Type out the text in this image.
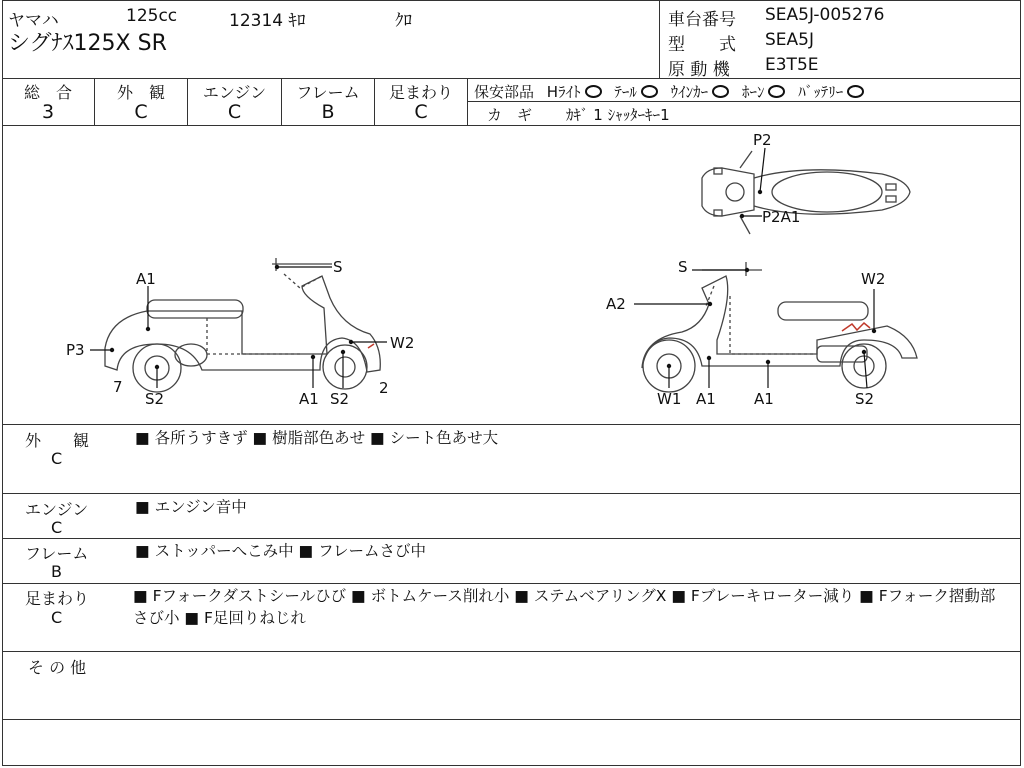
ヤマハ	125cc	12314 ｷﾛ	ｸﾛ
シグﾅｽ125X SR
車台番号 SEA5J-005276
型　　式 SEA5J
原 動 機 E3T5E
総　合
3
外　観
C
エンジン
C
フレーム
B
足まわり
C
保安部品 Hﾗｲﾄ ﾃｰﾙ ｳｲﾝｶｰ ﾎｰﾝ ﾊﾞｯﾃﾘｰ
カ　ギ ｶｷﾞ 1 ｼｬｯﾀｰｷｰ1
P2
P2A1
A1
S
W2
P3
7
S2	A1 S2
2
S
A2
W2
W1 A1	A1	S2
外　　観
C
■ 各所うすきず ■ 樹脂部色あせ ■ シート色あせ大
エンジン
C
■ エンジン音中
フレーム
B
■ ストッパーへこみ中 ■ フレームさび中
足まわり
C
■ Fフォークダストシールひび ■ ボトムケース削れ小 ■ ステムベアリングX ■ Fブレーキローター減り ■ Fフォーク摺動部さび小 ■ F足回りねじれ
そ の 他
